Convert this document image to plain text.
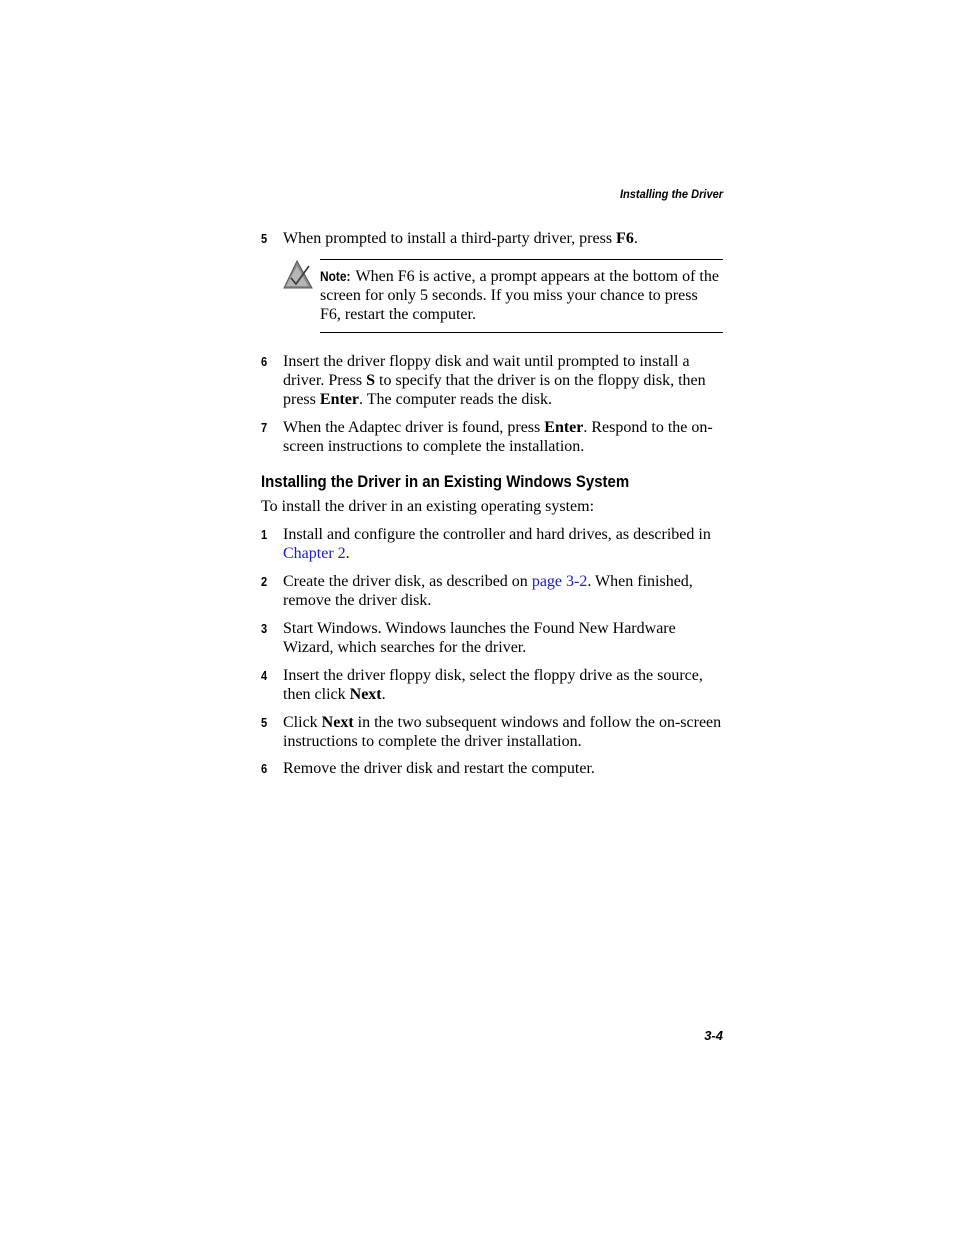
Installing the Driver
5 When prompted to install a third-party driver, press F6.
Note: When F6 is active, a prompt appears at the bottom of the screen for only 5 seconds. If you miss your chance to press F6, restart the computer.
6 Insert the driver floppy disk and wait until prompted to install a driver. Press S to specify that the driver is on the floppy disk, then press Enter. The computer reads the disk.
7 When the Adaptec driver is found, press Enter. Respond to the on-screen instructions to complete the installation.
Installing the Driver in an Existing Windows System
To install the driver in an existing operating system:
1 Install and configure the controller and hard drives, as described in Chapter 2.
2 Create the driver disk, as described on page 3-2. When finished, remove the driver disk.
3 Start Windows. Windows launches the Found New Hardware Wizard, which searches for the driver.
4 Insert the driver floppy disk, select the floppy drive as the source, then click Next.
5 Click Next in the two subsequent windows and follow the on-screen instructions to complete the driver installation.
6 Remove the driver disk and restart the computer.
3-4
